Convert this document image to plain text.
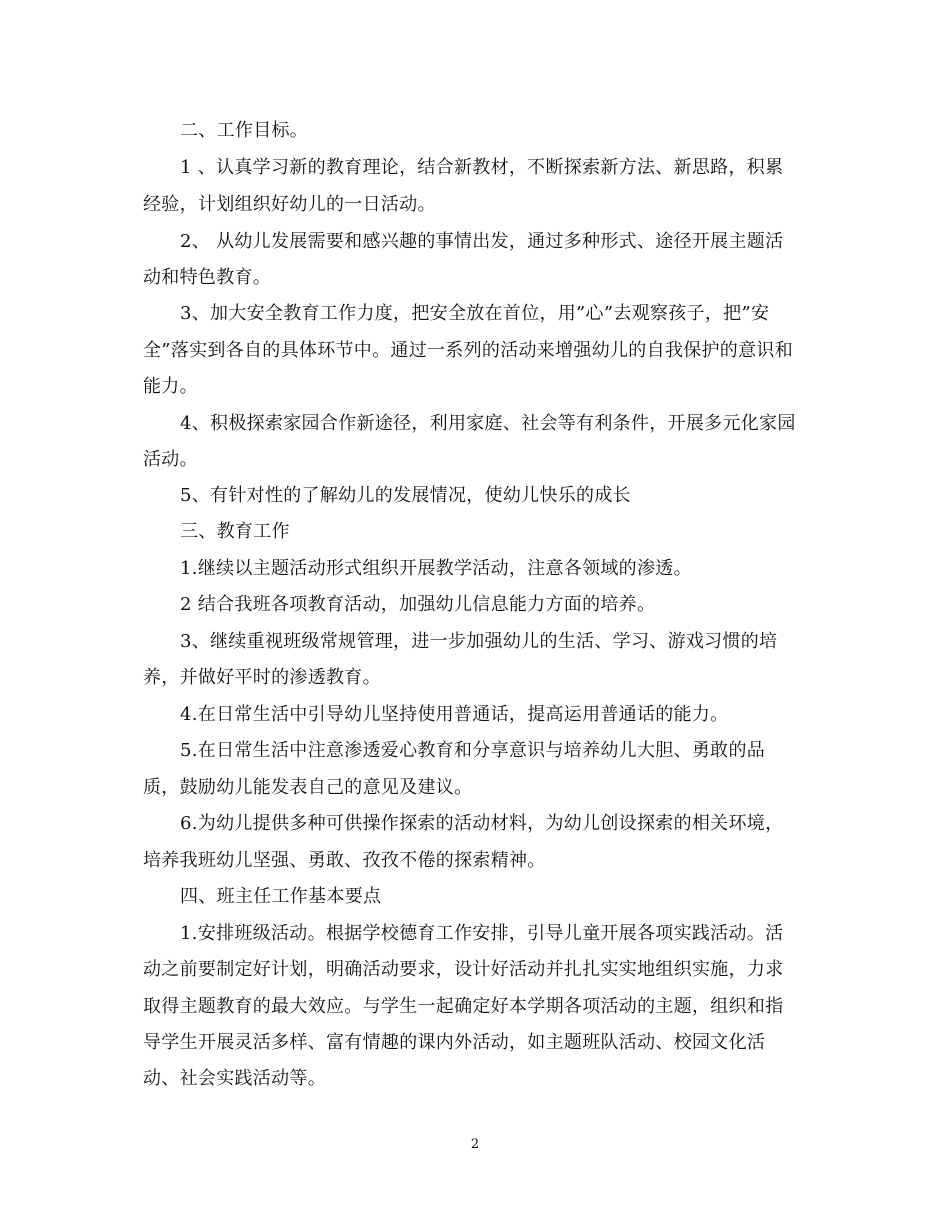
二、工作目标。
1 、认真学习新的教育理论，结合新教材，不断探索新方法、新思路，积累
经验，计划组织好幼儿的一日活动。
2、 从幼儿发展需要和感兴趣的事情出发，通过多种形式、途径开展主题活
动和特色教育。
3、加大安全教育工作力度，把安全放在首位，用”心”去观察孩子，把”安
全”落实到各自的具体环节中。通过一系列的活动来增强幼儿的自我保护的意识和
能力。
4、积极探索家园合作新途径，利用家庭、社会等有利条件，开展多元化家园
活动。
5、有针对性的了解幼儿的发展情况，使幼儿快乐的成长
三、教育工作
1.继续以主题活动形式组织开展教学活动，注意各领域的渗透。
2 结合我班各项教育活动，加强幼儿信息能力方面的培养。
3、继续重视班级常规管理，进一步加强幼儿的生活、学习、游戏习惯的培
养，并做好平时的渗透教育。
4.在日常生活中引导幼儿坚持使用普通话，提高运用普通话的能力。
5.在日常生活中注意渗透爱心教育和分享意识与培养幼儿大胆、勇敢的品
质，鼓励幼儿能发表自己的意见及建议。
6.为幼儿提供多种可供操作探索的活动材料，为幼儿创设探索的相关环境，
培养我班幼儿坚强、勇敢、孜孜不倦的探索精神。
四、班主任工作基本要点
1.安排班级活动。根据学校德育工作安排，引导儿童开展各项实践活动。活
动之前要制定好计划，明确活动要求，设计好活动并扎扎实实地组织实施，力求
取得主题教育的最大效应。与学生一起确定好本学期各项活动的主题，组织和指
导学生开展灵活多样、富有情趣的课内外活动，如主题班队活动、校园文化活
动、社会实践活动等。
2
